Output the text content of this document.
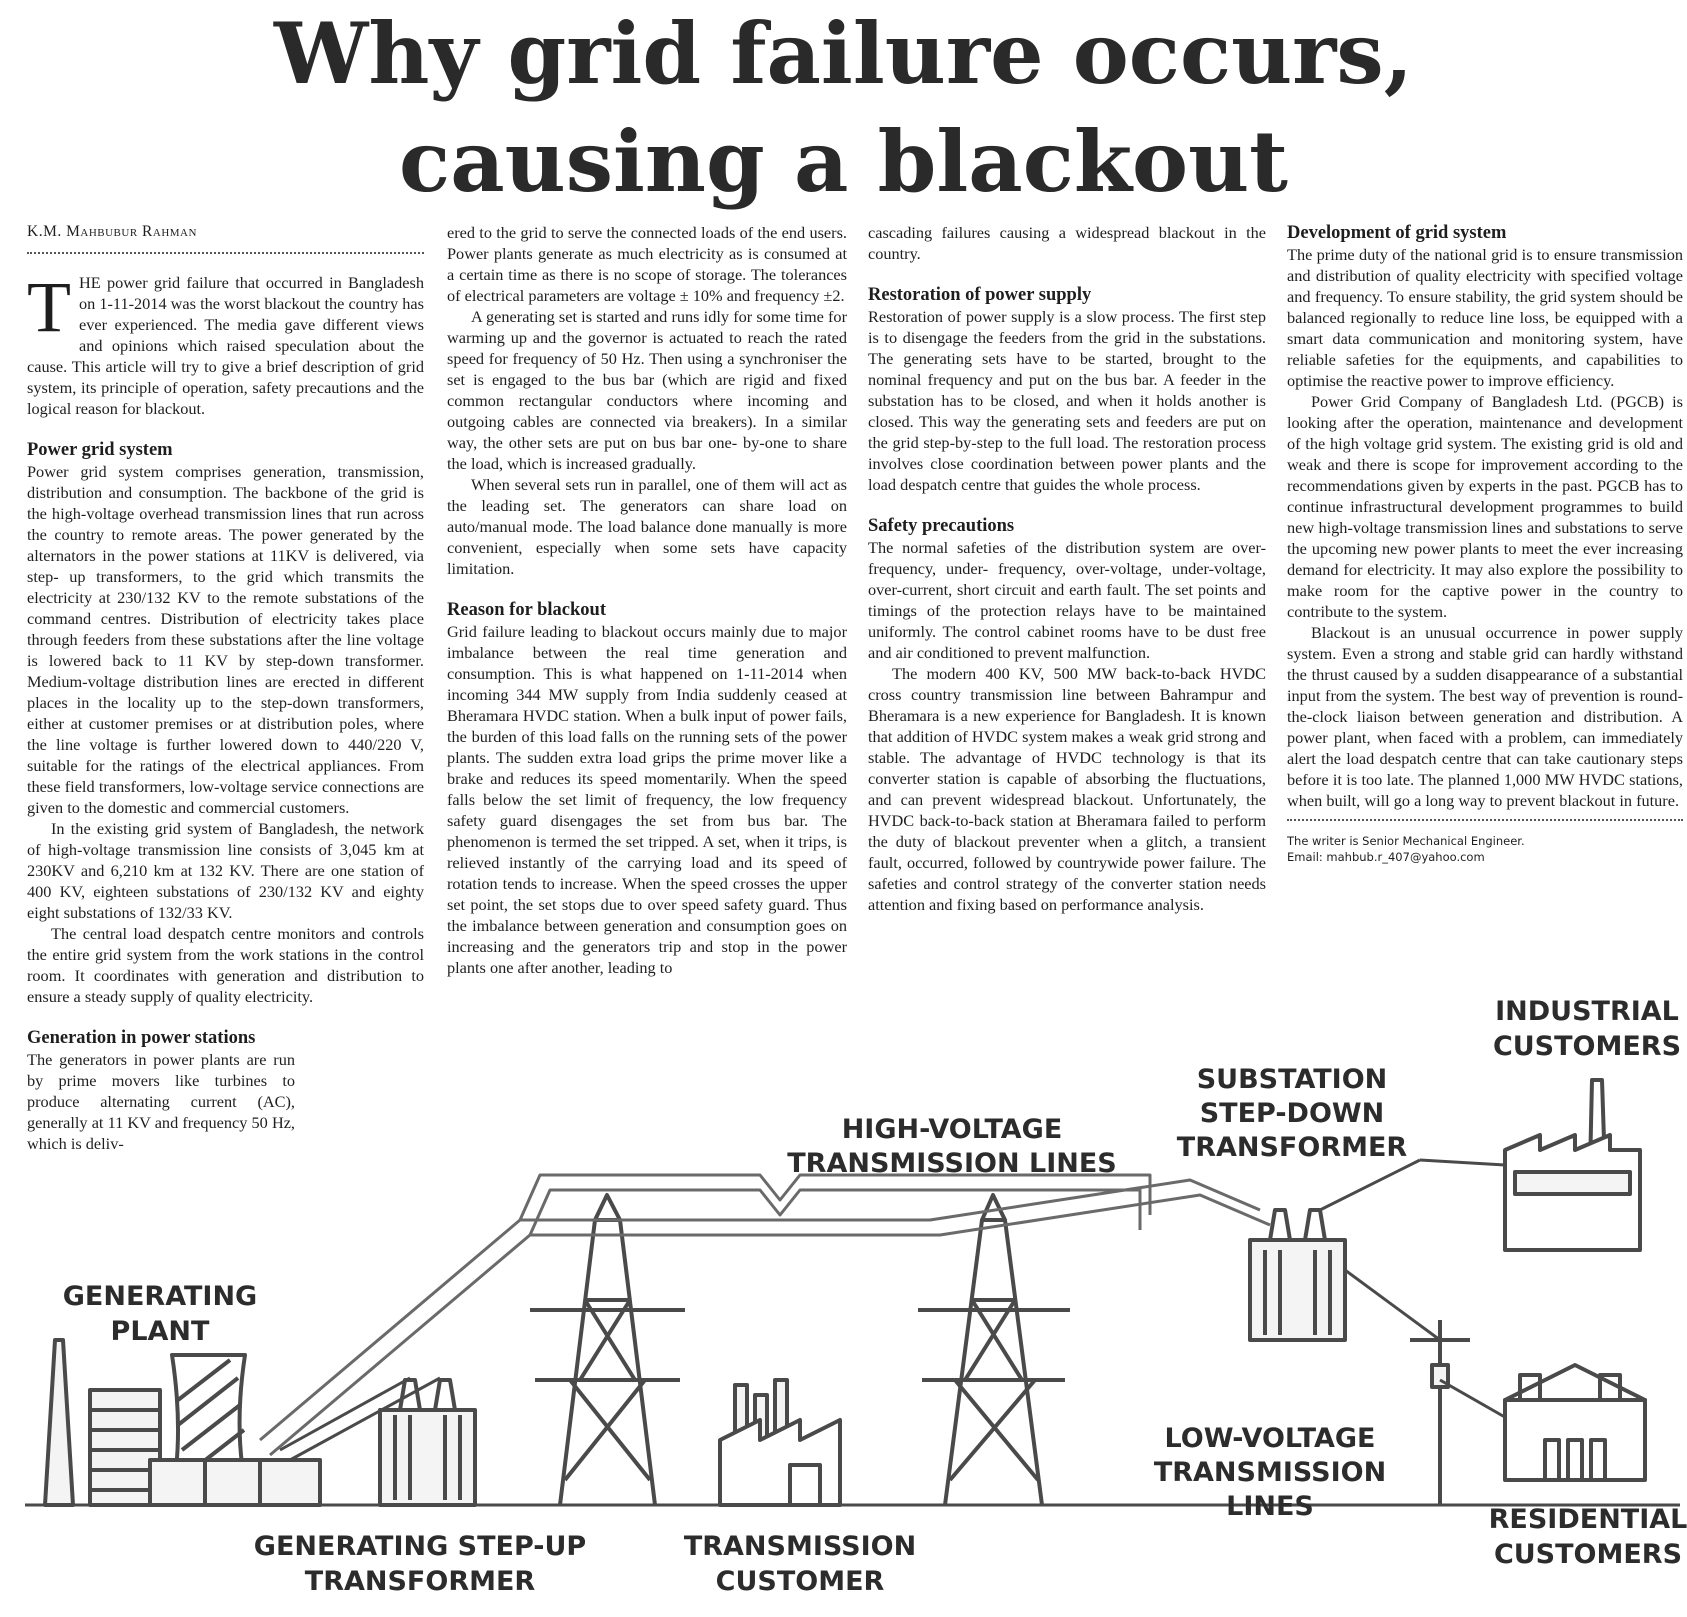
Why grid failure occurs,
causing a blackout
GENERATING
PLANT
GENERATING STEP-UP
TRANSFORMER
TRANSMISSION
CUSTOMER
HIGH-VOLTAGE
TRANSMISSION LINES
SUBSTATION
STEP-DOWN
TRANSFORMER
INDUSTRIAL
CUSTOMERS
LOW-VOLTAGE
TRANSMISSION
LINES	RESIDENTIAL
CUSTOMERS
K.M. Mahbubur Rahman

THE power grid failure that occurred in Bangladesh on 1-11-2014 was the worst blackout the country has ever experienced. The media gave different views and opinions which raised speculation about the cause. This article will try to give a brief description of grid system, its principle of operation, safety precautions and the logical reason for blackout.

Power grid system

Power grid system comprises generation, transmission, distribution and consumption. The backbone of the grid is the high-voltage overhead transmission lines that run across the country to remote areas. The power generated by the alternators in the power stations at 11KV is delivered, via step- up transformers, to the grid which transmits the electricity at 230/132 KV to the remote substations of the command centres. Distribution of electricity takes place through feeders from these substations after the line voltage is lowered back to 11 KV by step-down transformer. Medium-voltage distribution lines are erected in different places in the locality up to the step-down transformers, either at customer premises or at distribution poles, where the line voltage is further lowered down to 440/220 V, suitable for the ratings of the electrical appliances. From these field transformers, low-voltage service connections are given to the domestic and commercial customers.

In the existing grid system of Bangladesh, the network of high-voltage transmission line consists of 3,045 km at 230KV and 6,210 km at 132 KV. There are one station of 400 KV, eighteen substations of 230/132 KV and eighty eight substations of 132/33 KV.

The central load despatch centre monitors and controls the entire grid system from the work stations in the control room. It coordinates with generation and distribution to ensure a steady supply of quality electricity.

Generation in power stations

The generators in power plants are run by prime movers like turbines to produce alternating current (AC), generally at 11 KV and frequency 50 Hz, which is deliv-

ered to the grid to serve the connected loads of the end users. Power plants generate as much electricity as is consumed at a certain time as there is no scope of storage. The tolerances of electrical parameters are voltage ± 10% and frequency ±2.

A generating set is started and runs idly for some time for warming up and the governor is actuated to reach the rated speed for frequency of 50 Hz. Then using a synchroniser the set is engaged to the bus bar (which are rigid and fixed common rectangular conductors where incoming and outgoing cables are connected via breakers). In a similar way, the other sets are put on bus bar one- by-one to share the load, which is increased gradually.

When several sets run in parallel, one of them will act as the leading set. The generators can share load on auto/manual mode. The load balance done manually is more convenient, especially when some sets have capacity limitation.

Reason for blackout

Grid failure leading to blackout occurs mainly due to major imbalance between the real time generation and consumption. This is what happened on 1-11-2014 when incoming 344 MW supply from India suddenly ceased at Bheramara HVDC station. When a bulk input of power fails, the burden of this load falls on the running sets of the power plants. The sudden extra load grips the prime mover like a brake and reduces its speed momentarily. When the speed falls below the set limit of frequency, the low frequency safety guard disengages the set from bus bar. The phenomenon is termed the set tripped. A set, when it trips, is relieved instantly of the carrying load and its speed of rotation tends to increase. When the speed crosses the upper set point, the set stops due to over speed safety guard. Thus the imbalance between generation and consumption goes on increasing and the generators trip and stop in the power plants one after another, leading to

cascading failures causing a widespread blackout in the country.

Restoration of power supply

Restoration of power supply is a slow process. The first step is to disengage the feeders from the grid in the substations. The generating sets have to be started, brought to the nominal frequency and put on the bus bar. A feeder in the substation has to be closed, and when it holds another is closed. This way the generating sets and feeders are put on the grid step-by-step to the full load. The restoration process involves close coordination between power plants and the load despatch centre that guides the whole process.

Safety precautions

The normal safeties of the distribution system are over-frequency, under- frequency, over-voltage, under-voltage, over-current, short circuit and earth fault. The set points and timings of the protection relays have to be maintained uniformly. The control cabinet rooms have to be dust free and air conditioned to prevent malfunction.

The modern 400 KV, 500 MW back-to-back HVDC cross country transmission line between Bahrampur and Bheramara is a new experience for Bangladesh. It is known that addition of HVDC system makes a weak grid strong and stable. The advantage of HVDC technology is that its converter station is capable of absorbing the fluctuations, and can prevent widespread blackout. Unfortunately, the HVDC back-to-back station at Bheramara failed to perform the duty of blackout preventer when a glitch, a transient fault, occurred, followed by countrywide power failure. The safeties and control strategy of the converter station needs attention and fixing based on performance analysis.

Development of grid system

The prime duty of the national grid is to ensure transmission and distribution of quality electricity with specified voltage and frequency. To ensure stability, the grid system should be balanced regionally to reduce line loss, be equipped with a smart data communication and monitoring system, have reliable safeties for the equipments, and capabilities to optimise the reactive power to improve efficiency.

Power Grid Company of Bangladesh Ltd. (PGCB) is looking after the operation, maintenance and development of the high voltage grid system. The existing grid is old and weak and there is scope for improvement according to the recommendations given by experts in the past. PGCB has to continue infrastructural development programmes to build new high-voltage transmission lines and substations to serve the upcoming new power plants to meet the ever increasing demand for electricity. It may also explore the possibility to make room for the captive power in the country to contribute to the system.

Blackout is an unusual occurrence in power supply system. Even a strong and stable grid can hardly withstand the thrust caused by a sudden disappearance of a substantial input from the system. The best way of prevention is round-the-clock liaison between generation and distribution. A power plant, when faced with a problem, can immediately alert the load despatch centre that can take cautionary steps before it is too late. The planned 1,000 MW HVDC stations, when built, will go a long way to prevent blackout in future.

The writer is Senior Mechanical Engineer.
Email: mahbub.r_407@yahoo.com
